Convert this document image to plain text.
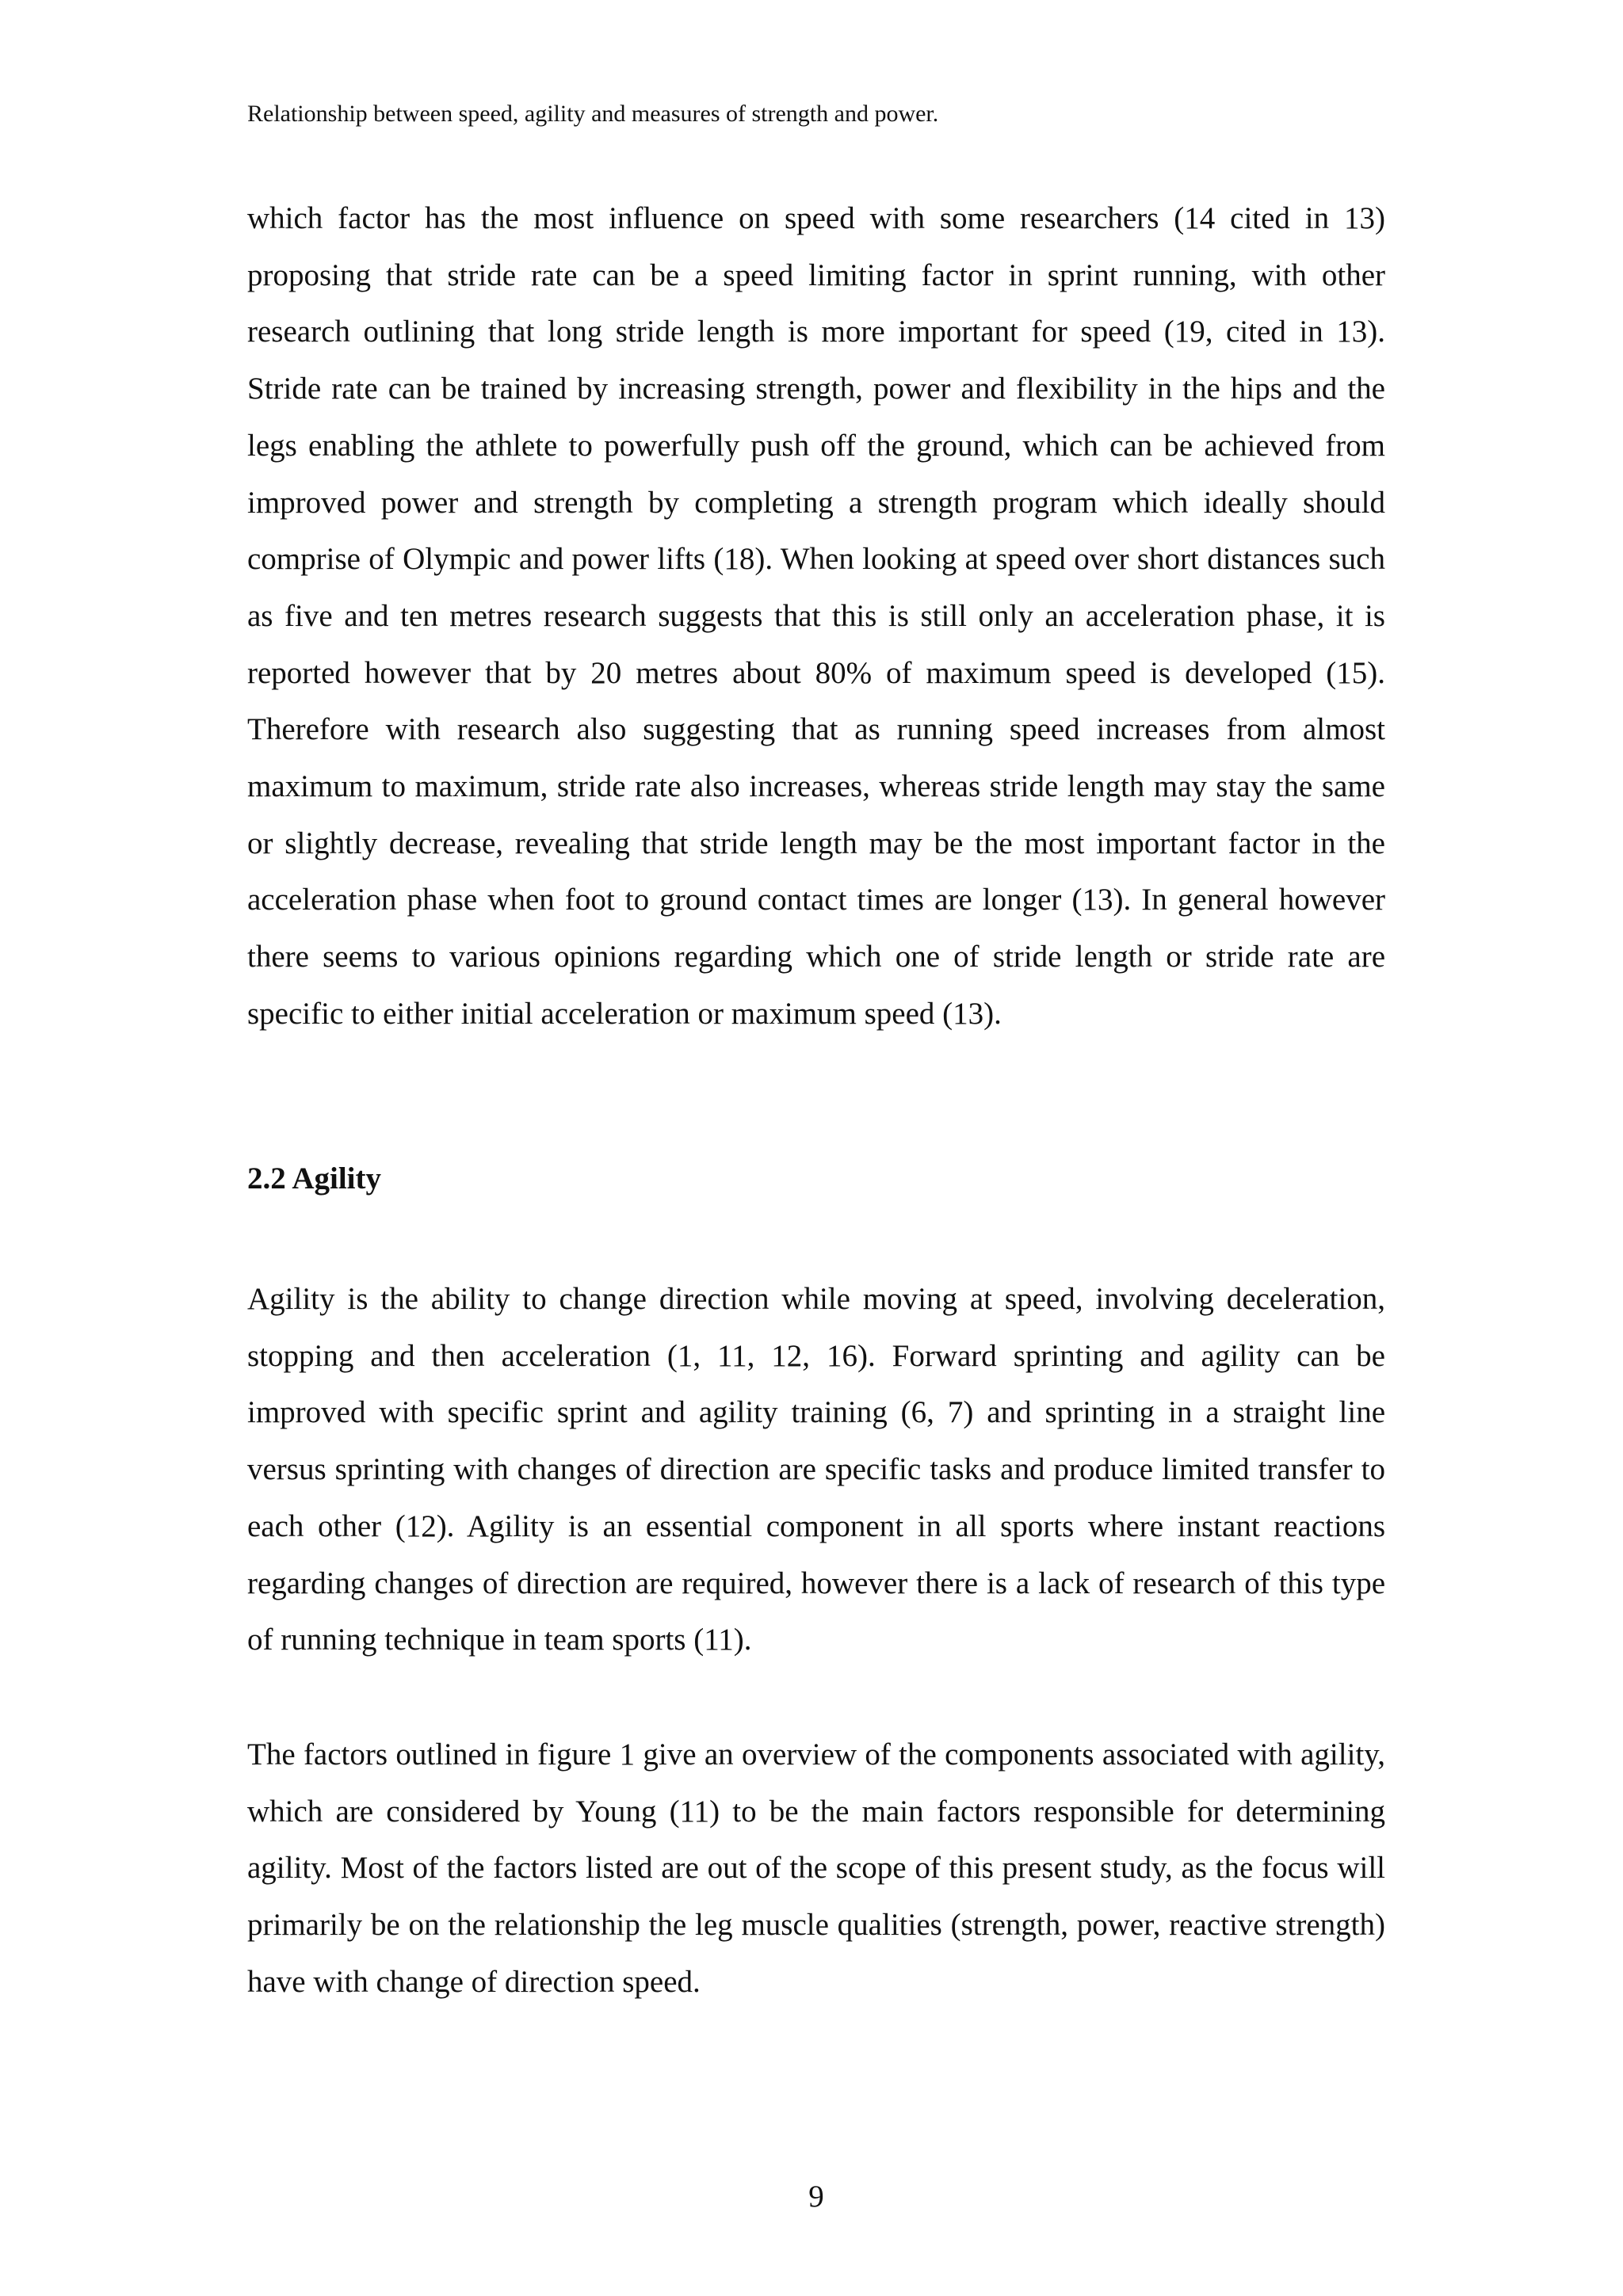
Relationship between speed, agility and measures of strength and power.

which factor has the most influence on speed with some researchers (14 cited in 13) proposing that stride rate can be a speed limiting factor in sprint running, with other research outlining that long stride length is more important for speed (19, cited in 13). Stride rate can be trained by increasing strength, power and flexibility in the hips and the legs enabling the athlete to powerfully push off the ground, which can be achieved from improved power and strength by completing a strength program which ideally should comprise of Olympic and power lifts (18). When looking at speed over short distances such as five and ten metres research suggests that this is still only an acceleration phase, it is reported however that by 20 metres about 80% of maximum speed is developed (15). Therefore with research also suggesting that as running speed increases from almost maximum to maximum, stride rate also increases, whereas stride length may stay the same or slightly decrease, revealing that stride length may be the most important factor in the acceleration phase when foot to ground contact times are longer (13). In general however there seems to various opinions regarding which one of stride length or stride rate are specific to either initial acceleration or maximum speed (13).

2.2 Agility

Agility is the ability to change direction while moving at speed, involving deceleration, stopping and then acceleration (1, 11, 12, 16). Forward sprinting and agility can be improved with specific sprint and agility training (6, 7) and sprinting in a straight line versus sprinting with changes of direction are specific tasks and produce limited transfer to each other (12). Agility is an essential component in all sports where instant reactions regarding changes of direction are required, however there is a lack of research of this type of running technique in team sports (11).

The factors outlined in figure 1 give an overview of the components associated with agility, which are considered by Young (11) to be the main factors responsible for determining agility. Most of the factors listed are out of the scope of this present study, as the focus will primarily be on the relationship the leg muscle qualities (strength, power, reactive strength) have with change of direction speed.

9
